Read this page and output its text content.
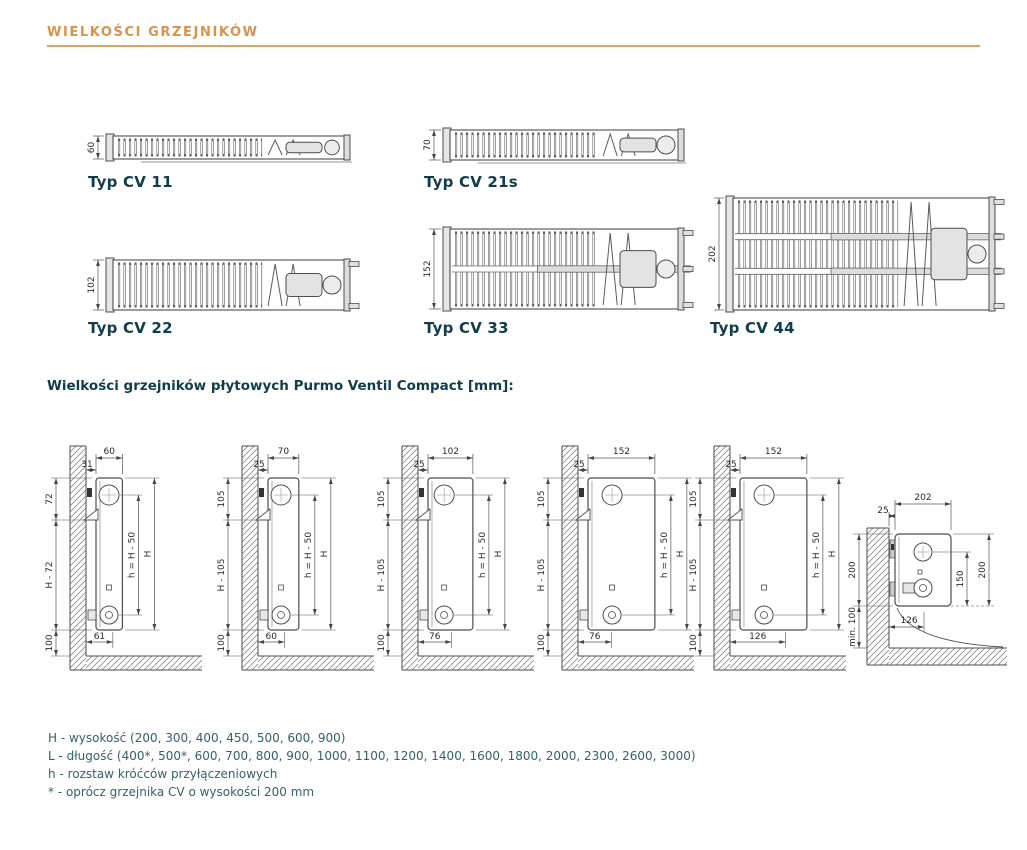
WIELKOŚCI GRZEJNIKÓW
60	70
102
152
202
Typ CV 11	Typ CV 21s
Typ CV 22	Typ CV 33	Typ CV 44
Wielkości grzejników płytowych Purmo Ventil Compact [mm]:
60
31
72
H - 72
100
h = H - 50 H
61
70
25
105
H - 105
100
h = H - 50 H
60
102
25
105
H - 105
100
h = H - 50 H
76
152
25
105
H - 105
100
h = H - 50 H
76
152
25
105
H - 105
100
h = H - 50 H
126
202
25
200
min. 100
150
200
126
H - wysokość (200, 300, 400, 450, 500, 600, 900)
L - długość (400*, 500*, 600, 700, 800, 900, 1000, 1100, 1200, 1400, 1600, 1800, 2000, 2300, 2600, 3000)
h - rozstaw króćców przyłączeniowych
* - oprócz grzejnika CV o wysokości 200 mm
